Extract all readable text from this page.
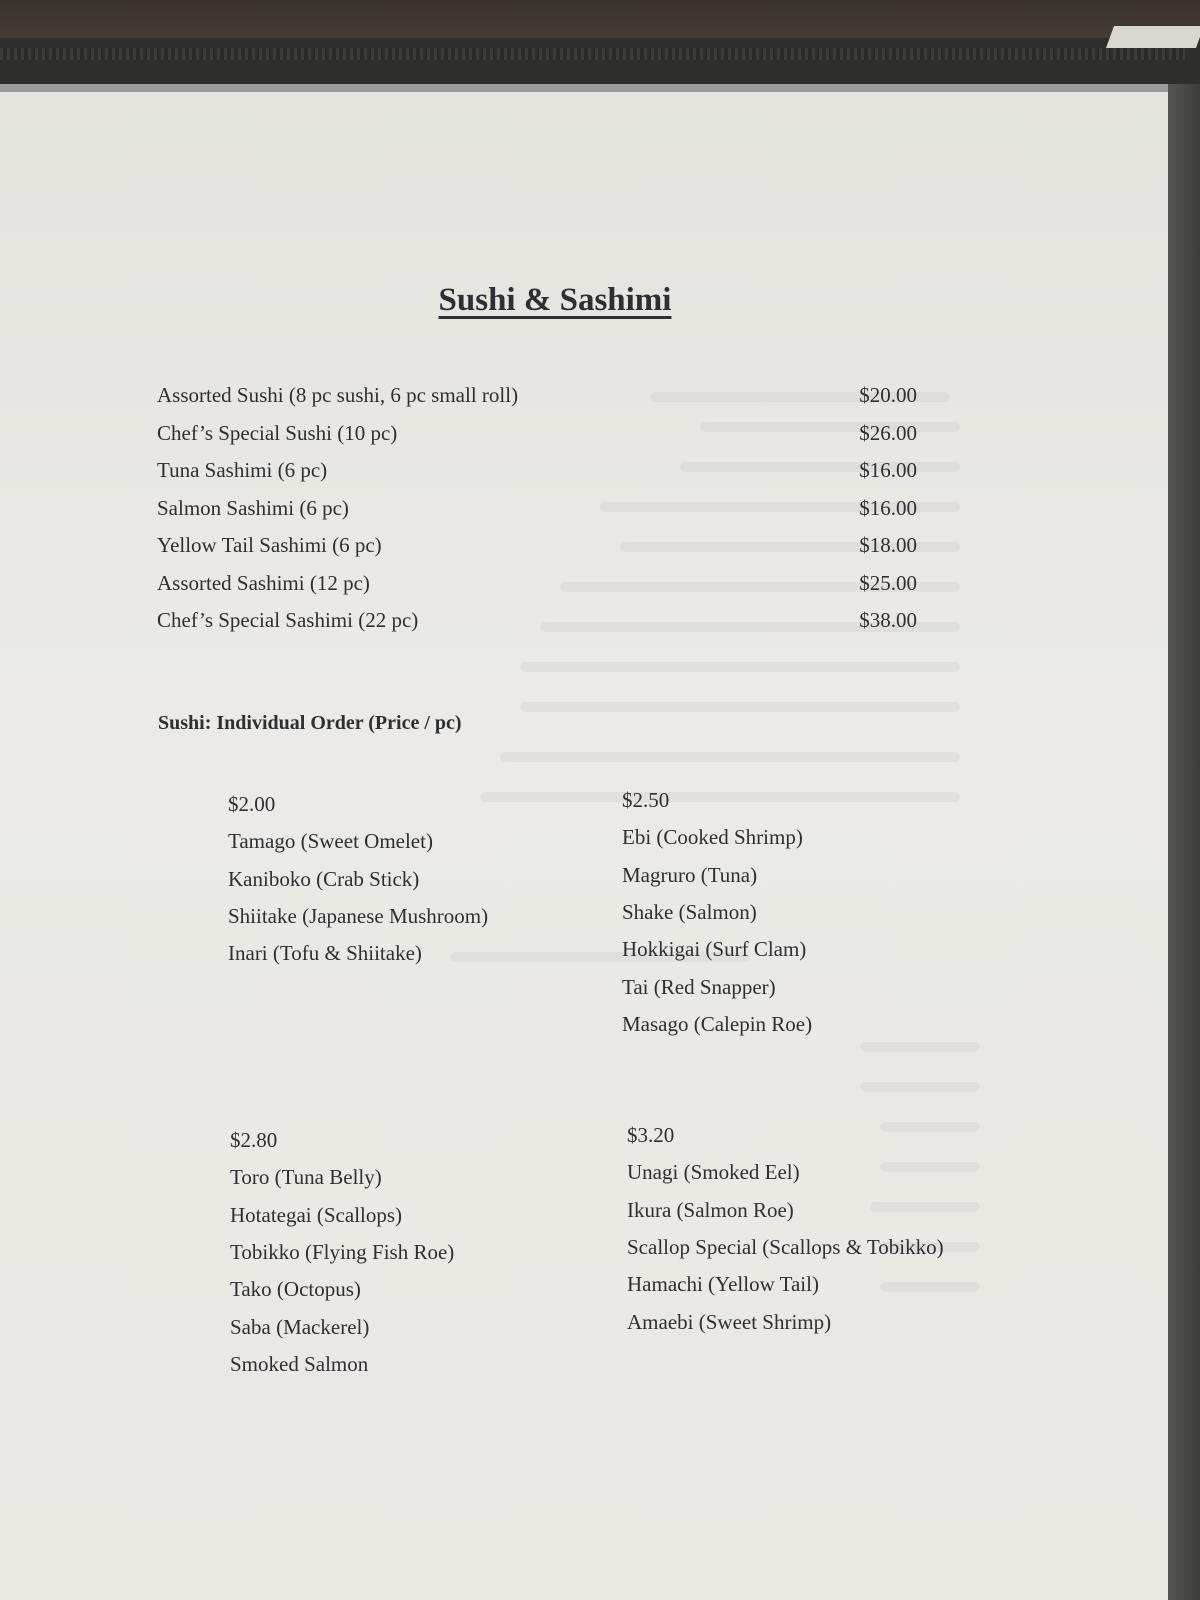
Sushi & Sashimi
Assorted Sushi (8 pc sushi, 6 pc small roll)	$20.00
Chef’s Special Sushi (10 pc)	$26.00
Tuna Sashimi (6 pc)	$16.00
Salmon Sashimi (6 pc)	$16.00
Yellow Tail Sashimi (6 pc)	$18.00
Assorted Sashimi (12 pc)	$25.00
Chef’s Special Sashimi (22 pc)	$38.00
Sushi: Individual Order (Price / pc)
$2.00
Tamago (Sweet Omelet)
Kaniboko (Crab Stick)
Shiitake (Japanese Mushroom)
Inari (Tofu & Shiitake)
$2.50
Ebi (Cooked Shrimp)
Magruro (Tuna)
Shake (Salmon)
Hokkigai (Surf Clam)
Tai (Red Snapper)
Masago (Calepin Roe)
$2.80
Toro (Tuna Belly)
Hotategai (Scallops)
Tobikko (Flying Fish Roe)
Tako (Octopus)
Saba (Mackerel)
Smoked Salmon
$3.20
Unagi (Smoked Eel)
Ikura (Salmon Roe)
Scallop Special (Scallops & Tobikko)
Hamachi (Yellow Tail)
Amaebi (Sweet Shrimp)
